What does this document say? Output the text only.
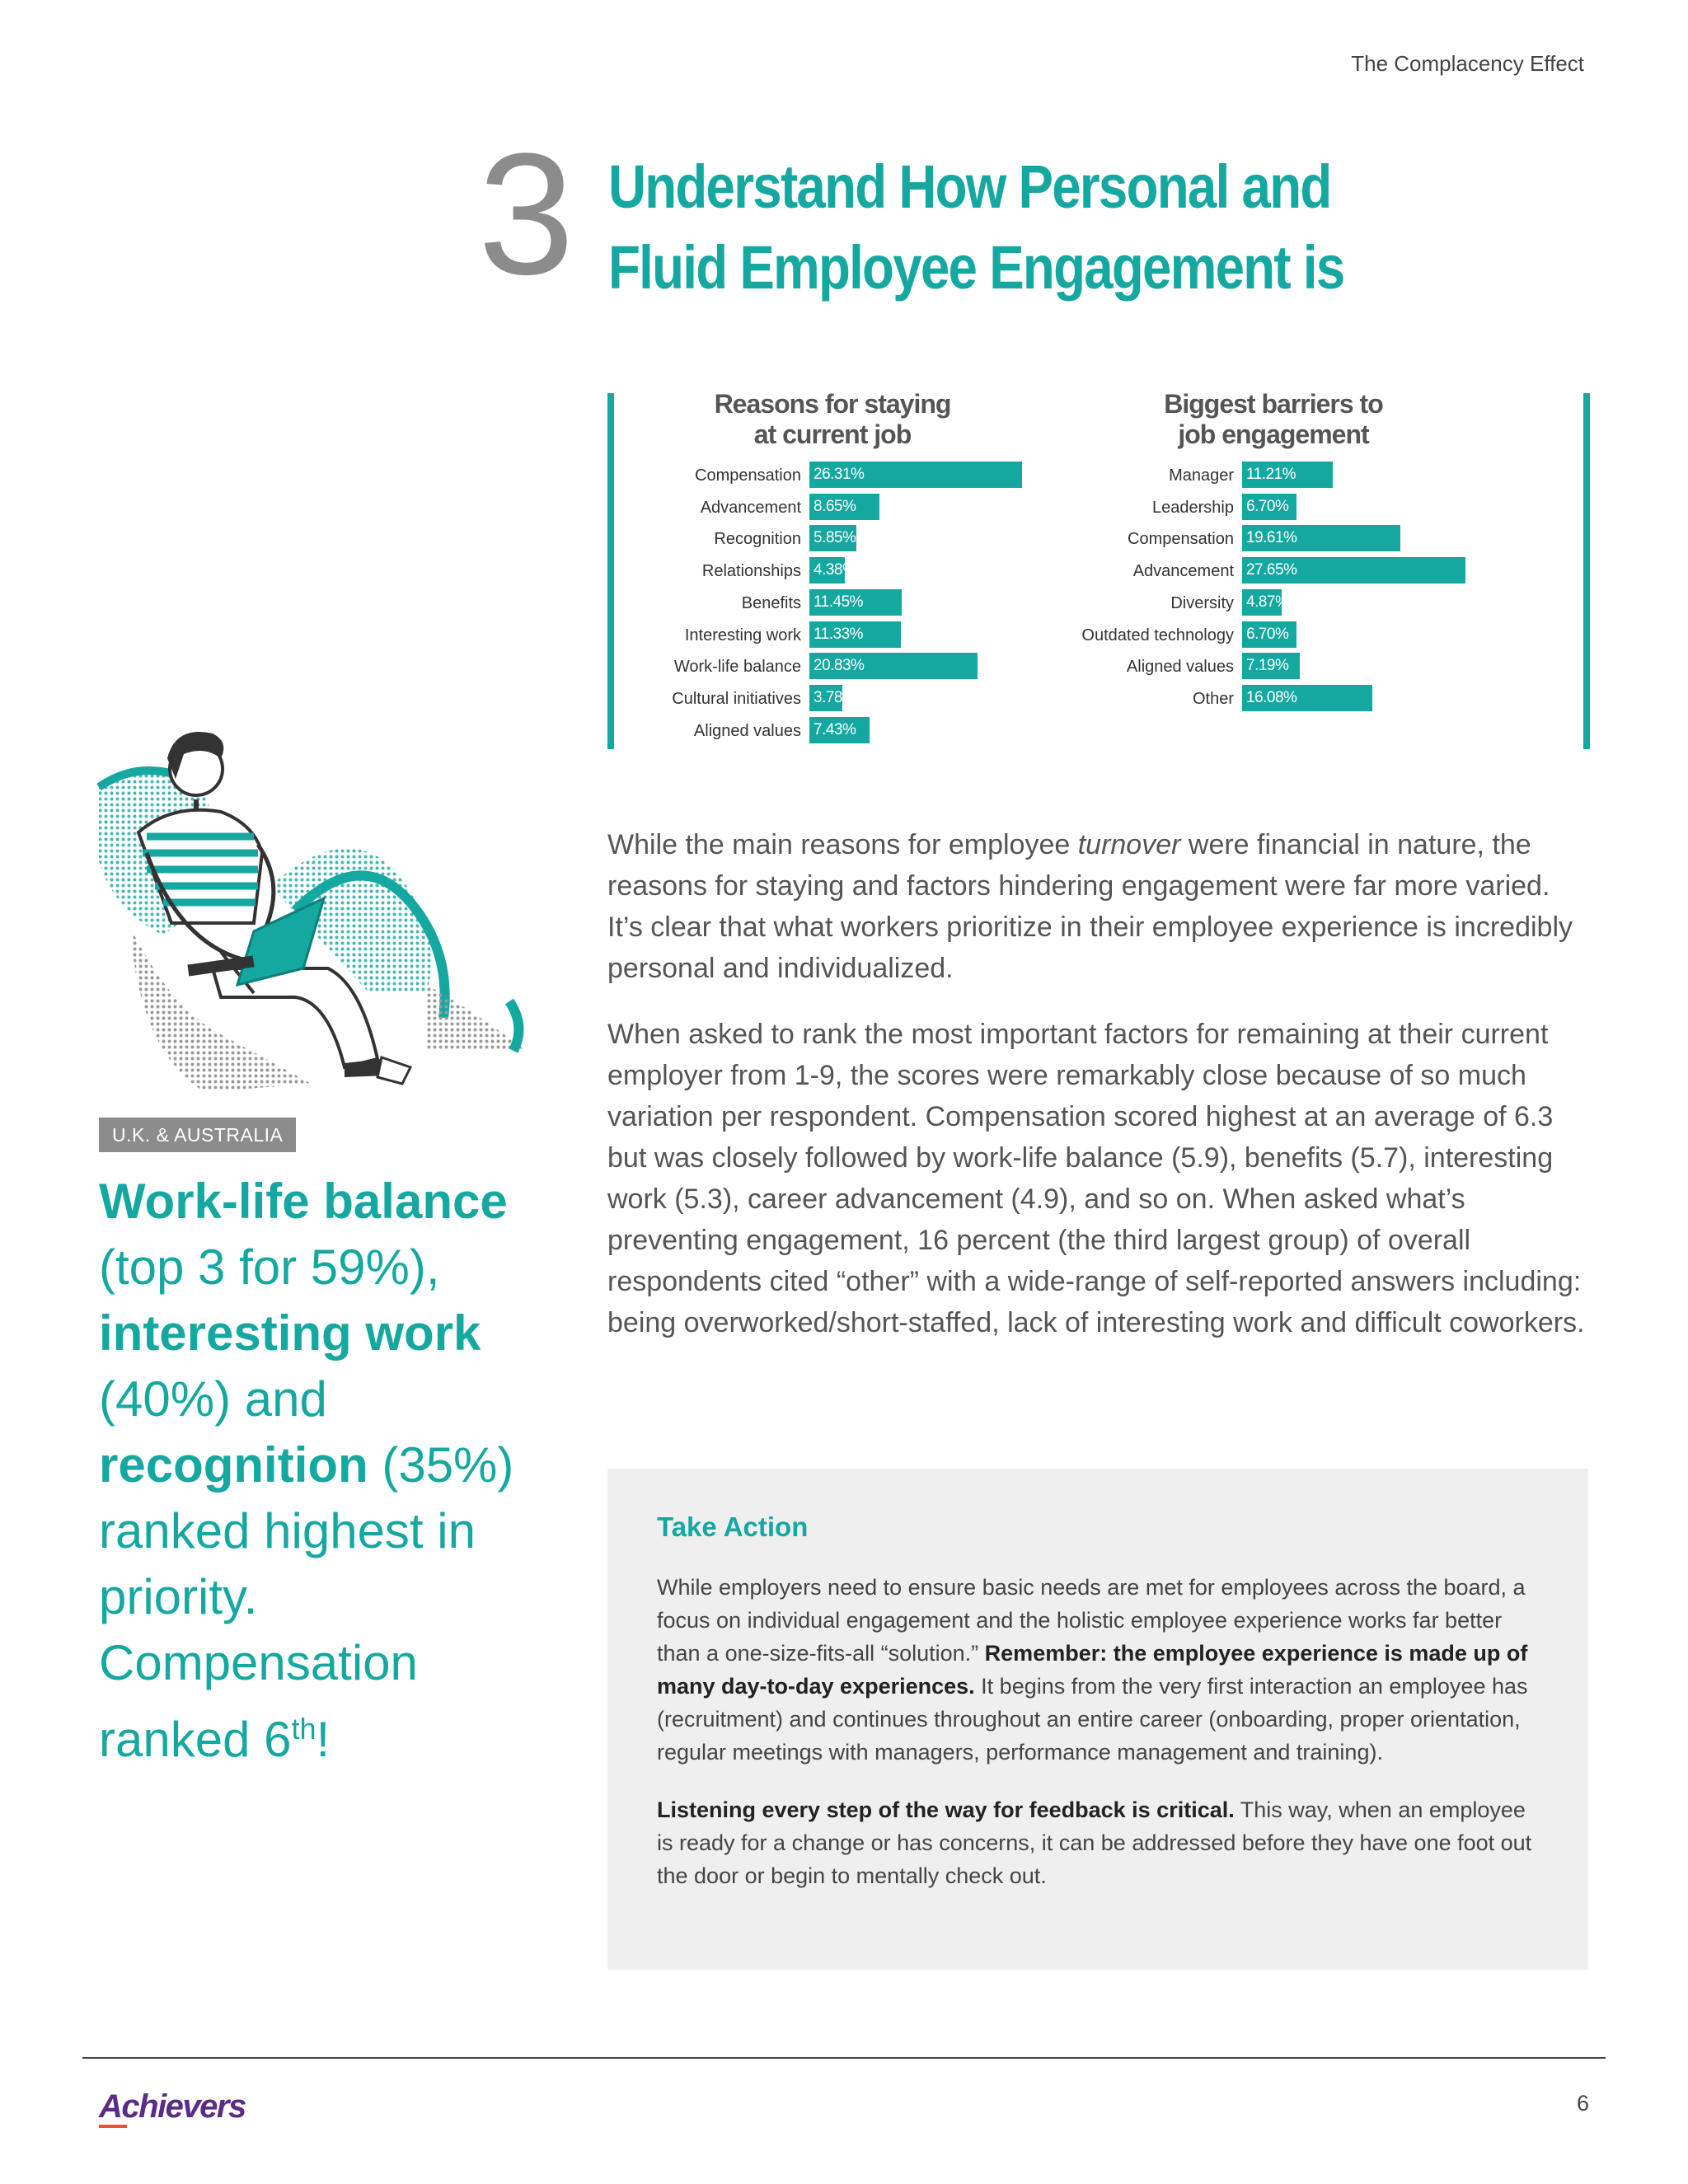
The Complacency Effect
3 Understand How Personal and
Fluid Employee Engagement is
Reasons for staying
at current job
Compensation 26.31%
Advancement 8.65%
Recognition 5.85%
Relationships 4.38%
Benefits 11.45%
Interesting work 11.33%
Work-life balance 20.83%
Cultural initiatives 3.78%
Aligned values 7.43%
Biggest barriers to
job engagement
Manager 11.21%
Leadership 6.70%
Compensation 19.61%
Advancement 27.65%
Diversity 4.87%
Outdated technology 6.70%
Aligned values 7.19%
Other 16.08%

While the main reasons for employee turnover were financial in nature, the reasons for staying and factors hindering engagement were far more varied. It’s clear that what workers prioritize in their employee experience is incredibly personal and individualized.

When asked to rank the most important factors for remaining at their current employer from 1-9, the scores were remarkably close because of so much variation per respondent. Compensation scored highest at an average of 6.3 but was closely followed by work-life balance (5.9), benefits (5.7), interesting work (5.3), career advancement (4.9), and so on. When asked what’s preventing engagement, 16 percent (the third largest group) of overall respondents cited “other” with a wide-range of self-reported answers including: being overworked/short-staffed, lack of interesting work and difficult coworkers.

U.K. & AUSTRALIA
Work-life balance (top 3 for 59%), interesting work (40%) and recognition (35%) ranked highest in priority. Compensation ranked 6th!
Take Action

While employers need to ensure basic needs are met for employees across the board, a focus on individual engagement and the holistic employee experience works far better than a one-size-fits-all “solution.” Remember: the employee experience is made up of many day-to-day experiences. It begins from the very first interaction an employee has (recruitment) and continues throughout an entire career (onboarding, proper orientation, regular meetings with managers, performance management and training).

Listening every step of the way for feedback is critical. This way, when an employee is ready for a change or has concerns, it can be addressed before they have one foot out the door or begin to mentally check out.

Achievers	6
